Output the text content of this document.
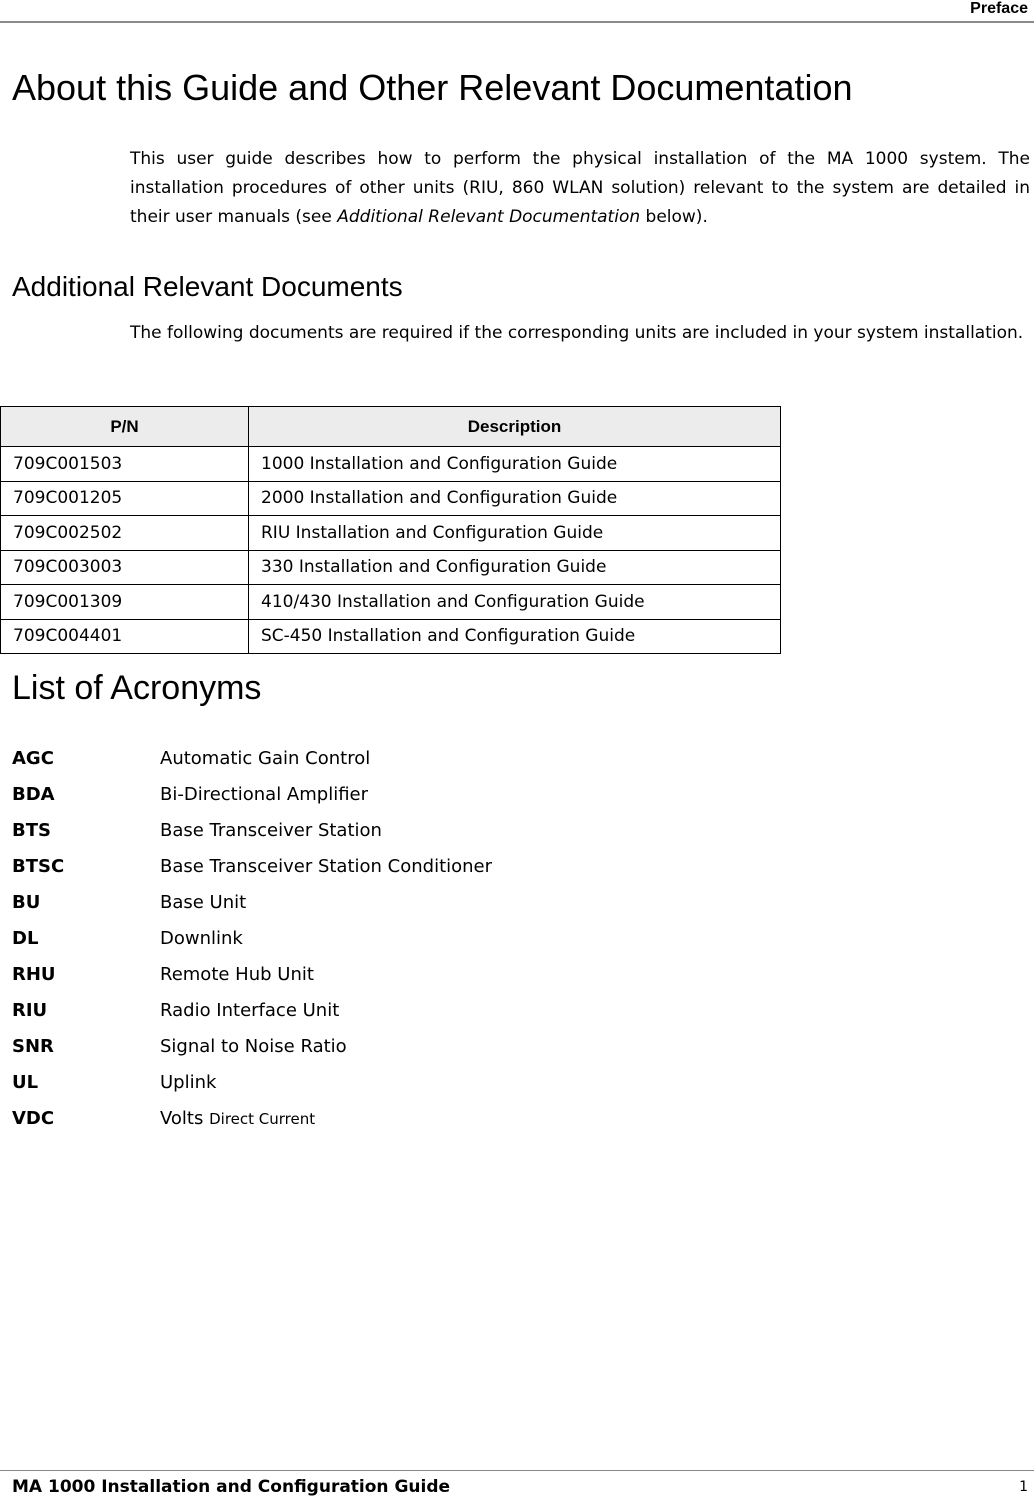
Preface
About this Guide and Other Relevant Documentation

This user guide describes how to perform the physical installation of the MA 1000 system. The installation procedures of other units (RIU, 860 WLAN solution) relevant to the system are detailed in their user manuals (see Additional Relevant Documentation below).

Additional Relevant Documents

The following documents are required if the corresponding units are included in your system installation.

P/N	Description
709C001503	1000 Installation and Configuration Guide
709C001205	2000 Installation and Configuration Guide
709C002502	RIU Installation and Configuration Guide
709C003003	330 Installation and Configuration Guide
709C001309	410/430 Installation and Configuration Guide
709C004401	SC-450 Installation and Configuration Guide
List of Acronyms
AGC	Automatic Gain Control
BDA	Bi-Directional Amplifier
BTS	Base Transceiver Station
BTSC	Base Transceiver Station Conditioner
BU	Base Unit
DL	Downlink
RHU	Remote Hub Unit
RIU	Radio Interface Unit
SNR	Signal to Noise Ratio
UL	Uplink
VDC	Volts Direct Current
MA 1000 Installation and Configuration Guide	1
